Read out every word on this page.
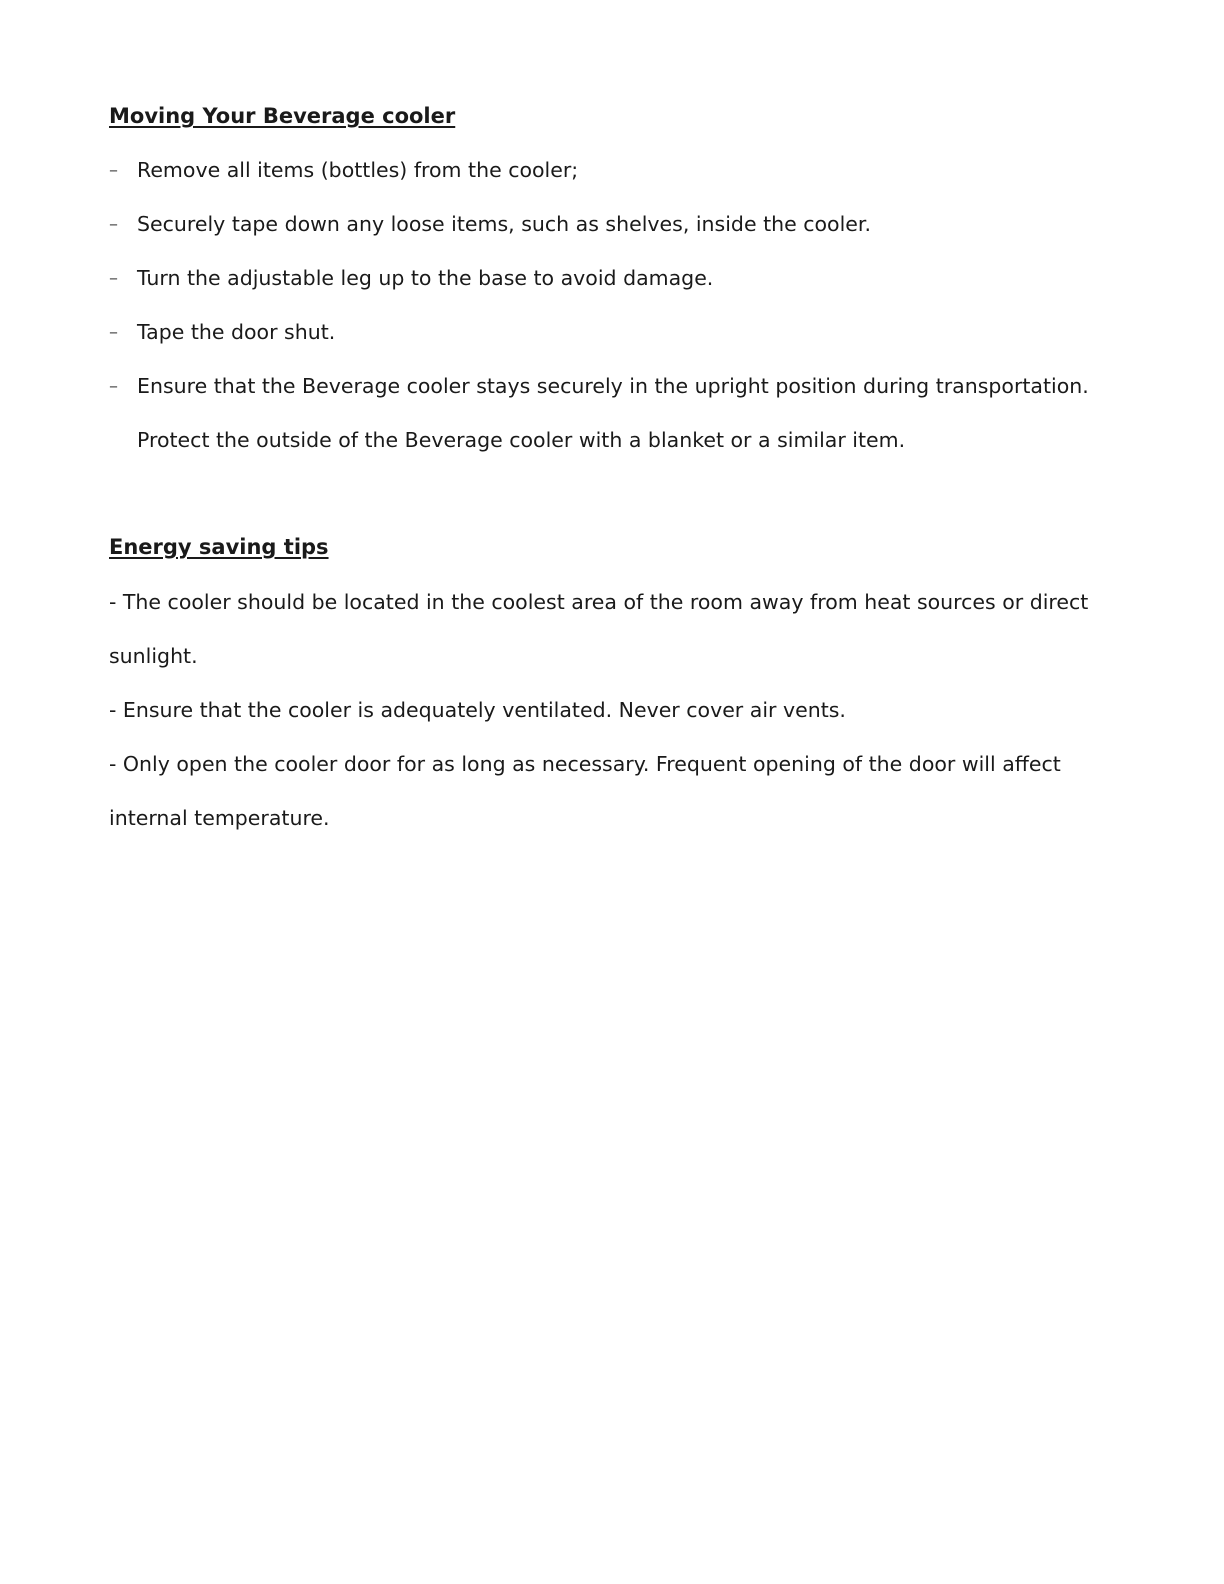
Moving Your Beverage cooler
– Remove all items (bottles) from the cooler;

– Securely tape down any loose items, such as shelves, inside the cooler.

– Turn the adjustable leg up to the base to avoid damage.

– Tape the door shut.

– Ensure that the Beverage cooler stays securely in the upright position during transportation.

Protect the outside of the Beverage cooler with a blanket or a similar item.

Energy saving tips

- The cooler should be located in the coolest area of the room away from heat sources or direct

sunlight.

- Ensure that the cooler is adequately ventilated. Never cover air vents.

- Only open the cooler door for as long as necessary. Frequent opening of the door will affect

internal temperature.
